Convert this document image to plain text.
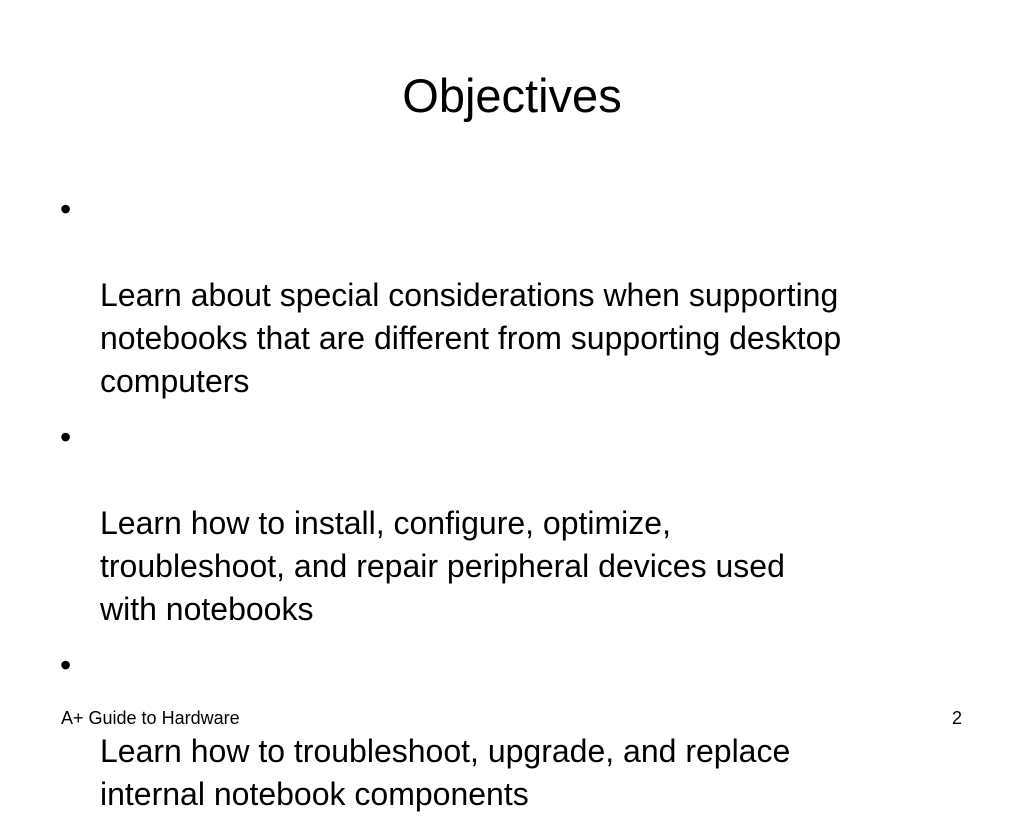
Objectives

•

Learn about special considerations when supporting
notebooks that are different from supporting desktop
computers

•

Learn how to install, configure, optimize,
troubleshoot, and repair peripheral devices used
with notebooks

•

Learn how to troubleshoot, upgrade, and replace
internal notebook components

A+ Guide to Hardware	2
